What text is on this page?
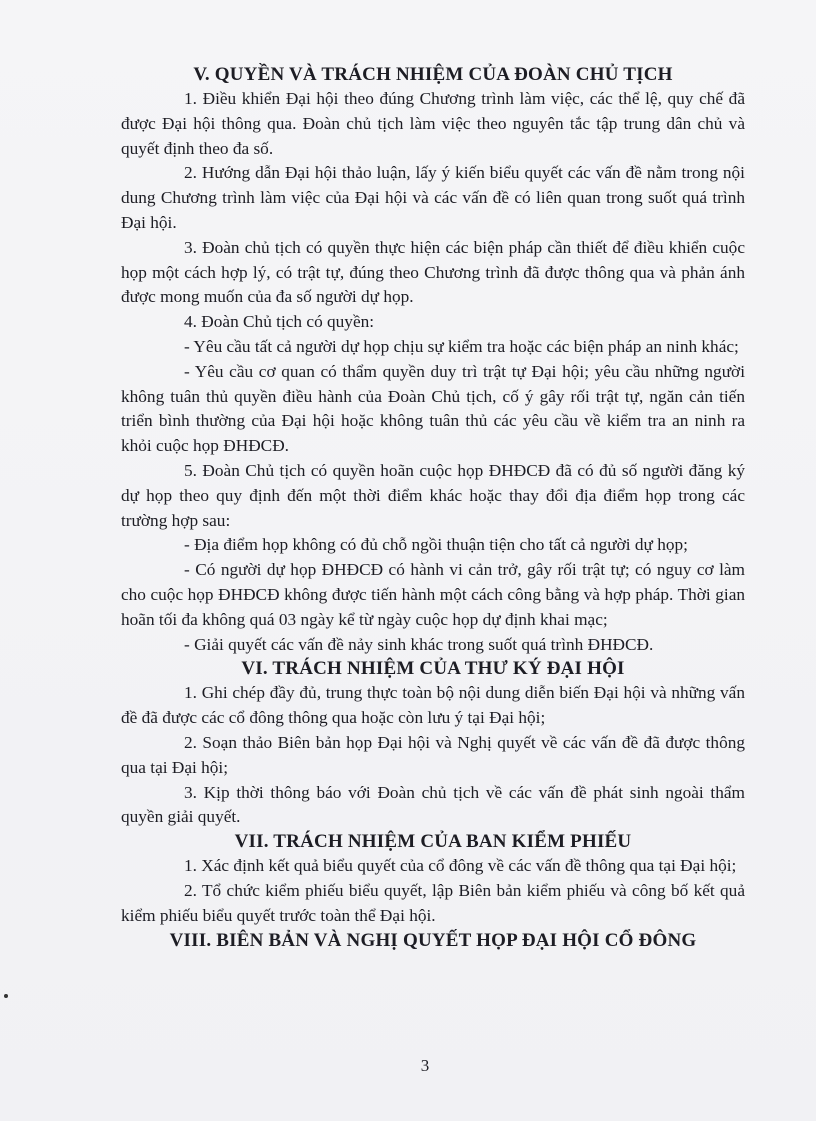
V. QUYỀN VÀ TRÁCH NHIỆM CỦA ĐOÀN CHỦ TỊCH

1. Điều khiển Đại hội theo đúng Chương trình làm việc, các thể lệ, quy chế đã được Đại hội thông qua. Đoàn chủ tịch làm việc theo nguyên tắc tập trung dân chủ và quyết định theo đa số.

2. Hướng dẫn Đại hội thảo luận, lấy ý kiến biểu quyết các vấn đề nằm trong nội dung Chương trình làm việc của Đại hội và các vấn đề có liên quan trong suốt quá trình Đại hội.

3. Đoàn chủ tịch có quyền thực hiện các biện pháp cần thiết để điều khiển cuộc họp một cách hợp lý, có trật tự, đúng theo Chương trình đã được thông qua và phản ánh được mong muốn của đa số người dự họp.

4. Đoàn Chủ tịch có quyền:

- Yêu cầu tất cả người dự họp chịu sự kiểm tra hoặc các biện pháp an ninh khác;

- Yêu cầu cơ quan có thẩm quyền duy trì trật tự Đại hội; yêu cầu những người không tuân thủ quyền điều hành của Đoàn Chủ tịch, cố ý gây rối trật tự, ngăn cản tiến triển bình thường của Đại hội hoặc không tuân thủ các yêu cầu về kiểm tra an ninh ra khỏi cuộc họp ĐHĐCĐ.

5. Đoàn Chủ tịch có quyền hoãn cuộc họp ĐHĐCĐ đã có đủ số người đăng ký dự họp theo quy định đến một thời điểm khác hoặc thay đổi địa điểm họp trong các trường hợp sau:

- Địa điểm họp không có đủ chỗ ngồi thuận tiện cho tất cả người dự họp;

- Có người dự họp ĐHĐCĐ có hành vi cản trở, gây rối trật tự; có nguy cơ làm cho cuộc họp ĐHĐCĐ không được tiến hành một cách công bằng và hợp pháp. Thời gian hoãn tối đa không quá 03 ngày kể từ ngày cuộc họp dự định khai mạc;

- Giải quyết các vấn đề nảy sinh khác trong suốt quá trình ĐHĐCĐ.

VI. TRÁCH NHIỆM CỦA THƯ KÝ ĐẠI HỘI

1. Ghi chép đầy đủ, trung thực toàn bộ nội dung diễn biến Đại hội và những vấn đề đã được các cổ đông thông qua hoặc còn lưu ý tại Đại hội;

2. Soạn thảo Biên bản họp Đại hội và Nghị quyết về các vấn đề đã được thông qua tại Đại hội;

3. Kịp thời thông báo với Đoàn chủ tịch về các vấn đề phát sinh ngoài thẩm quyền giải quyết.

VII. TRÁCH NHIỆM CỦA BAN KIỂM PHIẾU

1. Xác định kết quả biểu quyết của cổ đông về các vấn đề thông qua tại Đại hội;

2. Tổ chức kiểm phiếu biểu quyết, lập Biên bản kiểm phiếu và công bố kết quả kiểm phiếu biểu quyết trước toàn thể Đại hội.

VIII. BIÊN BẢN VÀ NGHỊ QUYẾT HỌP ĐẠI HỘI CỔ ĐÔNG
3
